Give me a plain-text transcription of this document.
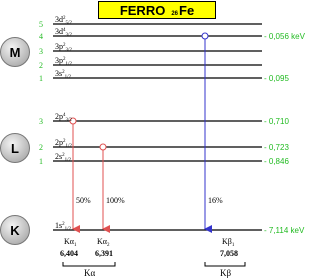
FERRO 26 Fe
M
L
K
5
4
3
2
1
3
2
1
$3d^2_{5/2}$
$3d^4_{3/2}$
$3p^2_{3/2}$
$3p^2_{1/2}$
$3s^2_{1/2}$
$2p^4_{3/2}$
$2p^2_{1/2}$
$2s^2_{1/2}$
$1s^2_{1/2}$
- 0,056 keV
- 0,095
- 0,710
- 0,723
- 0,846
- 7,114 keV
50% 100%	16%
$K\alpha_1$	$K\alpha_2$	$K\beta_1$
6,404 6,391	7,058
Kα	Kβ
